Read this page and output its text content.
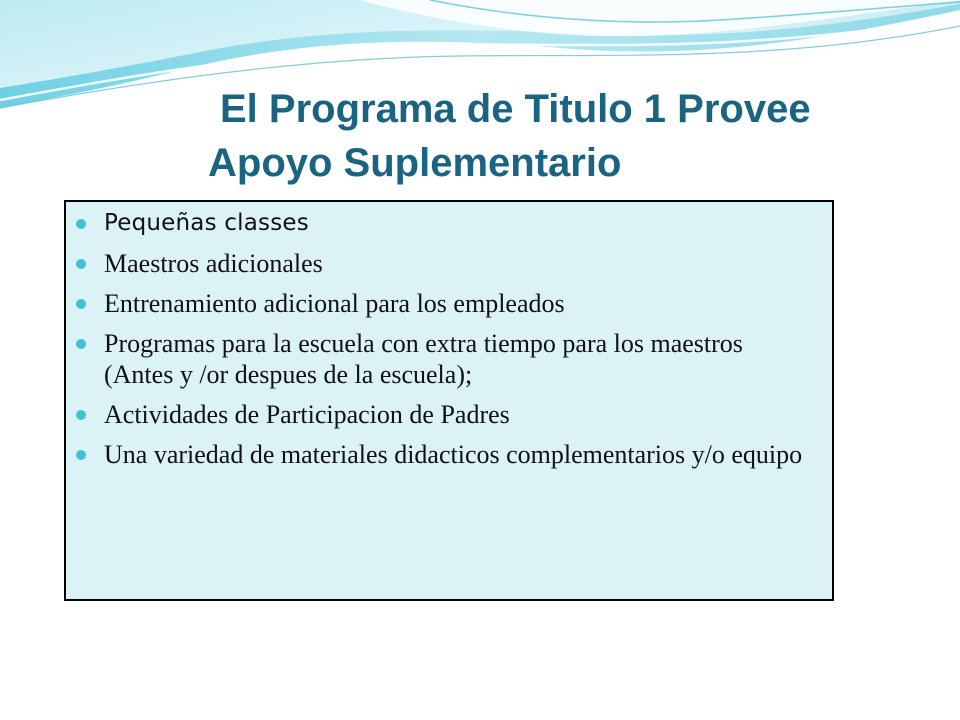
El Programa de Titulo 1 Provee
Apoyo Suplementario
Pequeñas classes
Maestros adicionales
Entrenamiento adicional para los empleados
Programas para la escuela con extra tiempo para los maestros (Antes y /or despues de la escuela);
Actividades de Participacion de Padres
Una variedad de materiales didacticos complementarios y/o equipo
